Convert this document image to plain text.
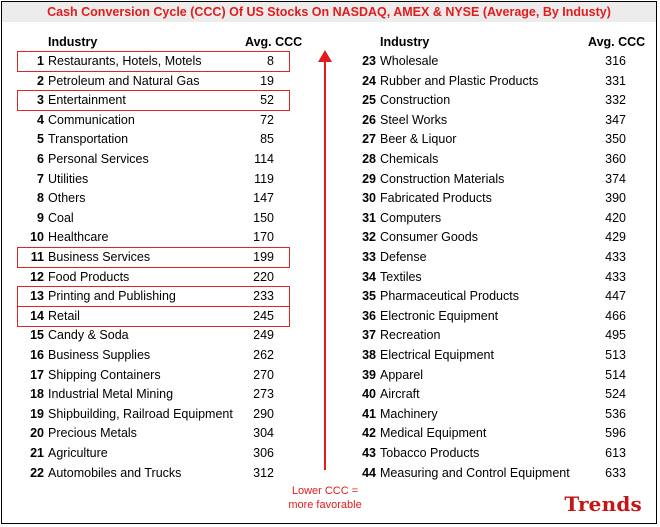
Cash Conversion Cycle (CCC) Of US Stocks On NASDAQ, AMEX & NYSE (Average, By Industy)
Industry	Avg. CCC	Industry	Avg. CCC
1 Restaurants, Hotels, Motels	8
2 Petroleum and Natural Gas	19
3 Entertainment	52
4 Communication	72
5 Transportation	85
6 Personal Services	114
7 Utilities	119
8 Others	147
9 Coal	150
10 Healthcare	170
11 Business Services	199
12 Food Products	220
13 Printing and Publishing	233
14 Retail	245
15 Candy & Soda	249
16 Business Supplies	262
17 Shipping Containers	270
18 Industrial Metal Mining	273
19 Shipbuilding, Railroad Equipment	290
20 Precious Metals	304
21 Agriculture	306
22 Automobiles and Trucks	312
23 Wholesale	316
24 Rubber and Plastic Products	331
25 Construction	332
26 Steel Works	347
27 Beer & Liquor	350
28 Chemicals	360
29 Construction Materials	374
30 Fabricated Products	390
31 Computers	420
32 Consumer Goods	429
33 Defense	433
34 Textiles	433
35 Pharmaceutical Products	447
36 Electronic Equipment	466
37 Recreation	495
38 Electrical Equipment	513
39 Apparel	514
40 Aircraft	524
41 Machinery	536
42 Medical Equipment	596
43 Tobacco Products	613
44 Measuring and Control Equipment	633
Lower CCC =
more favorable	Trends
